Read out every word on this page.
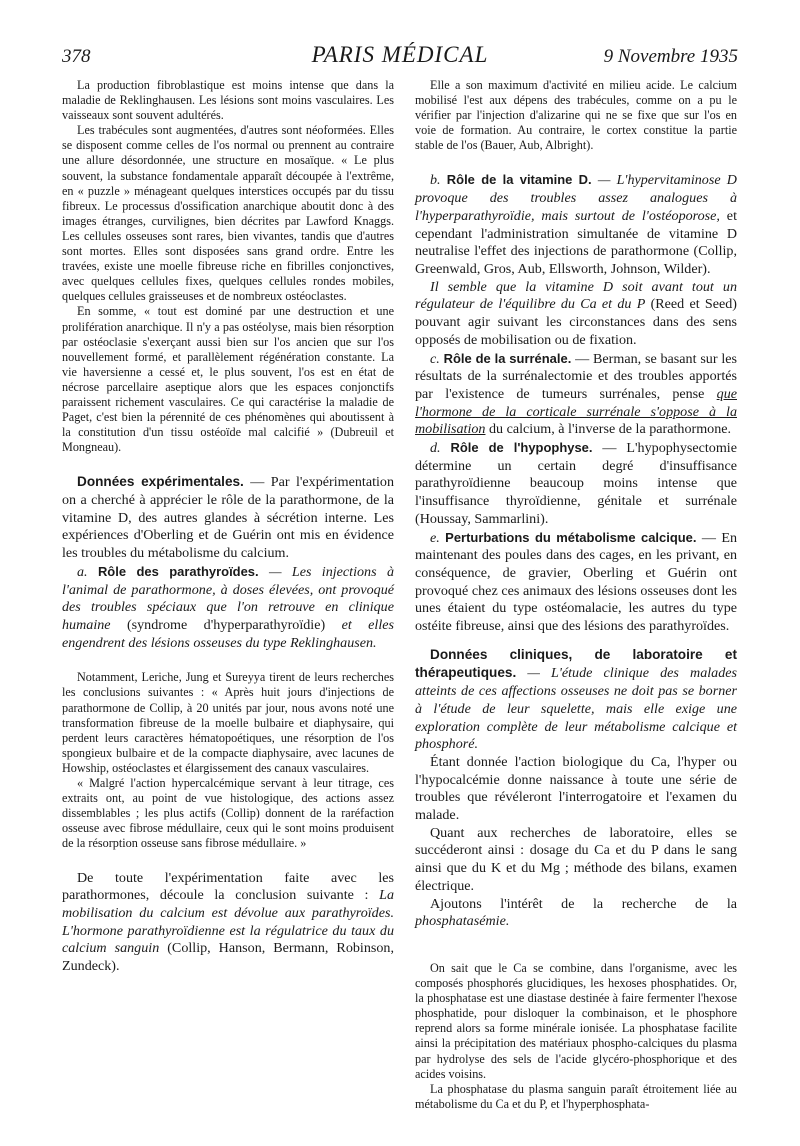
378	PARIS MÉDICAL	9 Novembre 1935

La production fibroblastique est moins intense que dans la maladie de Reklinghausen. Les lésions sont moins vasculaires. Les vaisseaux sont souvent adultérés.

Les trabécules sont augmentées, d'autres sont néoformées. Elles se disposent comme celles de l'os normal ou prennent au contraire une allure désordonnée, une structure en mosaïque. « Le plus souvent, la substance fondamentale apparaît découpée à l'extrême, en « puzzle » ménageant quelques interstices occupés par du tissu fibreux. Le processus d'ossification anarchique aboutit donc à des images étranges, curvilignes, bien décrites par Lawford Knaggs. Les cellules osseuses sont rares, bien vivantes, tandis que d'autres sont mortes. Elles sont disposées sans grand ordre. Entre les travées, existe une moelle fibreuse riche en fibrilles conjonctives, avec quelques cellules fixes, quelques cellules rondes mobiles, quelques cellules graisseuses et de nombreux ostéoclastes.

En somme, « tout est dominé par une destruction et une prolifération anarchique. Il n'y a pas ostéolyse, mais bien résorption par ostéoclasie s'exerçant aussi bien sur l'os ancien que sur l'os nouvellement formé, et parallèlement régénération constante. La vie haversienne a cessé et, le plus souvent, l'os est en état de nécrose parcellaire aseptique alors que les espaces conjonctifs paraissent richement vasculaires. Ce qui caractérise la maladie de Paget, c'est bien la pérennité de ces phénomènes qui aboutissent à la constitution d'un tissu ostéoïde mal calcifié » (Dubreuil et Mongneau).

Données expérimentales. — Par l'expérimentation on a cherché à apprécier le rôle de la parathormone, de la vitamine D, des autres glandes à sécrétion interne. Les expériences d'Oberling et de Guérin ont mis en évidence les troubles du métabolisme du calcium.

a. Rôle des parathyroïdes. — Les injections à l'animal de parathormone, à doses élevées, ont provoqué des troubles spéciaux que l'on retrouve en clinique humaine (syndrome d'hyperparathyroïdie) et elles engendrent des lésions osseuses du type Reklinghausen.

Notamment, Leriche, Jung et Sureyya tirent de leurs recherches les conclusions suivantes : « Après huit jours d'injections de parathormone de Collip, à 20 unités par jour, nous avons noté une transformation fibreuse de la moelle bulbaire et diaphysaire, qui perdent leurs caractères hématopoétiques, une résorption de l'os spongieux bulbaire et de la compacte diaphysaire, avec lacunes de Howship, ostéoclastes et élargissement des canaux vasculaires.

« Malgré l'action hypercalcémique servant à leur titrage, ces extraits ont, au point de vue histologique, des actions assez dissemblables ; les plus actifs (Collip) donnent de la raréfaction osseuse avec fibrose médullaire, ceux qui le sont moins produisent de la résorption osseuse sans fibrose médullaire. »

De toute l'expérimentation faite avec les parathormones, découle la conclusion suivante : La mobilisation du calcium est dévolue aux parathyroïdes. L'hormone parathyroïdienne est la régulatrice du taux du calcium sanguin (Collip, Hanson, Bermann, Robinson, Zundeck).

Elle a son maximum d'activité en milieu acide. Le calcium mobilisé l'est aux dépens des trabécules, comme on a pu le vérifier par l'injection d'alizarine qui ne se fixe que sur l'os en voie de formation. Au contraire, le cortex constitue la partie stable de l'os (Bauer, Aub, Albright).

b. Rôle de la vitamine D. — L'hypervitaminose D provoque des troubles assez analogues à l'hyperparathyroïdie, mais surtout de l'ostéoporose, et cependant l'administration simultanée de vitamine D neutralise l'effet des injections de parathormone (Collip, Greenwald, Gros, Aub, Ellsworth, Johnson, Wilder).

Il semble que la vitamine D soit avant tout un régulateur de l'équilibre du Ca et du P (Reed et Seed) pouvant agir suivant les circonstances dans des sens opposés de mobilisation ou de fixation.

c. Rôle de la surrénale. — Berman, se basant sur les résultats de la surrénalectomie et des troubles apportés par l'existence de tumeurs surrénales, pense que l'hormone de la corticale surrénale s'oppose à la mobilisation du calcium, à l'inverse de la parathormone.

d. Rôle de l'hypophyse. — L'hypophysectomie détermine un certain degré d'insuffisance parathyroïdienne beaucoup moins intense que l'insuffisance thyroïdienne, génitale et surrénale (Houssay, Sammarlini).

e. Perturbations du métabolisme calcique. — En maintenant des poules dans des cages, en les privant, en conséquence, de gravier, Oberling et Guérin ont provoqué chez ces animaux des lésions osseuses dont les unes étaient du type ostéomalacie, les autres du type ostéite fibreuse, ainsi que des lésions des parathyroïdes.

Données cliniques, de laboratoire et thérapeutiques. — L'étude clinique des malades atteints de ces affections osseuses ne doit pas se borner à l'étude de leur squelette, mais elle exige une exploration complète de leur métabolisme calcique et phosphoré.

Étant donnée l'action biologique du Ca, l'hyper ou l'hypocalcémie donne naissance à toute une série de troubles que révéleront l'interrogatoire et l'examen du malade.

Quant aux recherches de laboratoire, elles se succéderont ainsi : dosage du Ca et du P dans le sang ainsi que du K et du Mg ; méthode des bilans, examen électrique.

Ajoutons l'intérêt de la recherche de la phosphatasémie.

On sait que le Ca se combine, dans l'organisme, avec les composés phosphorés glucidiques, les hexoses phosphatides. Or, la phosphatase est une diastase destinée à faire fermenter l'hexose phosphatide, pour disloquer la combinaison, et le phosphore reprend alors sa forme minérale ionisée. La phosphatase facilite ainsi la précipitation des matériaux phospho-calciques du plasma par hydrolyse des sels de l'acide glycéro-phosphorique et des acides voisins.

La phosphatase du plasma sanguin paraît étroitement liée au métabolisme du Ca et du P, et l'hyperphosphata-
